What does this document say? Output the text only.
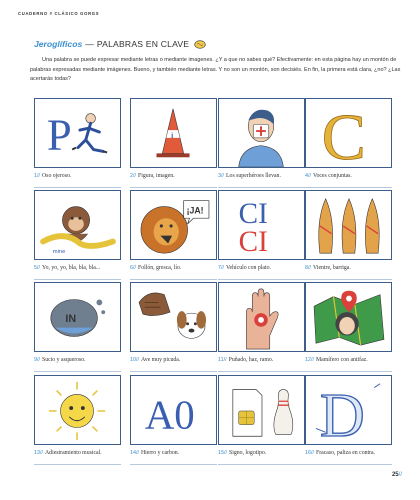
CUADERNO # CLÁSICO GORGS
Jeroglíficos — PALABRAS EN CLAVE

Una palabra se puede expresar mediante letras o mediante imagenes. ¿Y a que no sabes qué? Efectivamente: en esta página hay un montón de palabras expresadas mediante imágenes. Bueno, y también mediante letras. Y no son un montón, son decisiés. En fin, la primera está clara, ¿no? ¿Las acertarás todas?

P
1// Oso ojeroso.
i
2// Figura, imagen.	3// Los superhéroes llevan.
C
4// Voces conjuntas.
mine
5// Yo, yo, yo, bla, bla, bla...
¡JA!
6// Follón, gresca, lío.
CI
CI
7// Vehículo con plato.	8// Vientre, barriga.
IN
9// Sucio y asqueroso.	10// Ave muy picuda.	11// Puñado, haz, ramo.	12// Mamífero con antifaz.
13// Adiestramiento musical.
A0
14// Hierro y carbon.	15// Signo, logotipo.
D
16// Fracaso, paliza en contra.
25//
